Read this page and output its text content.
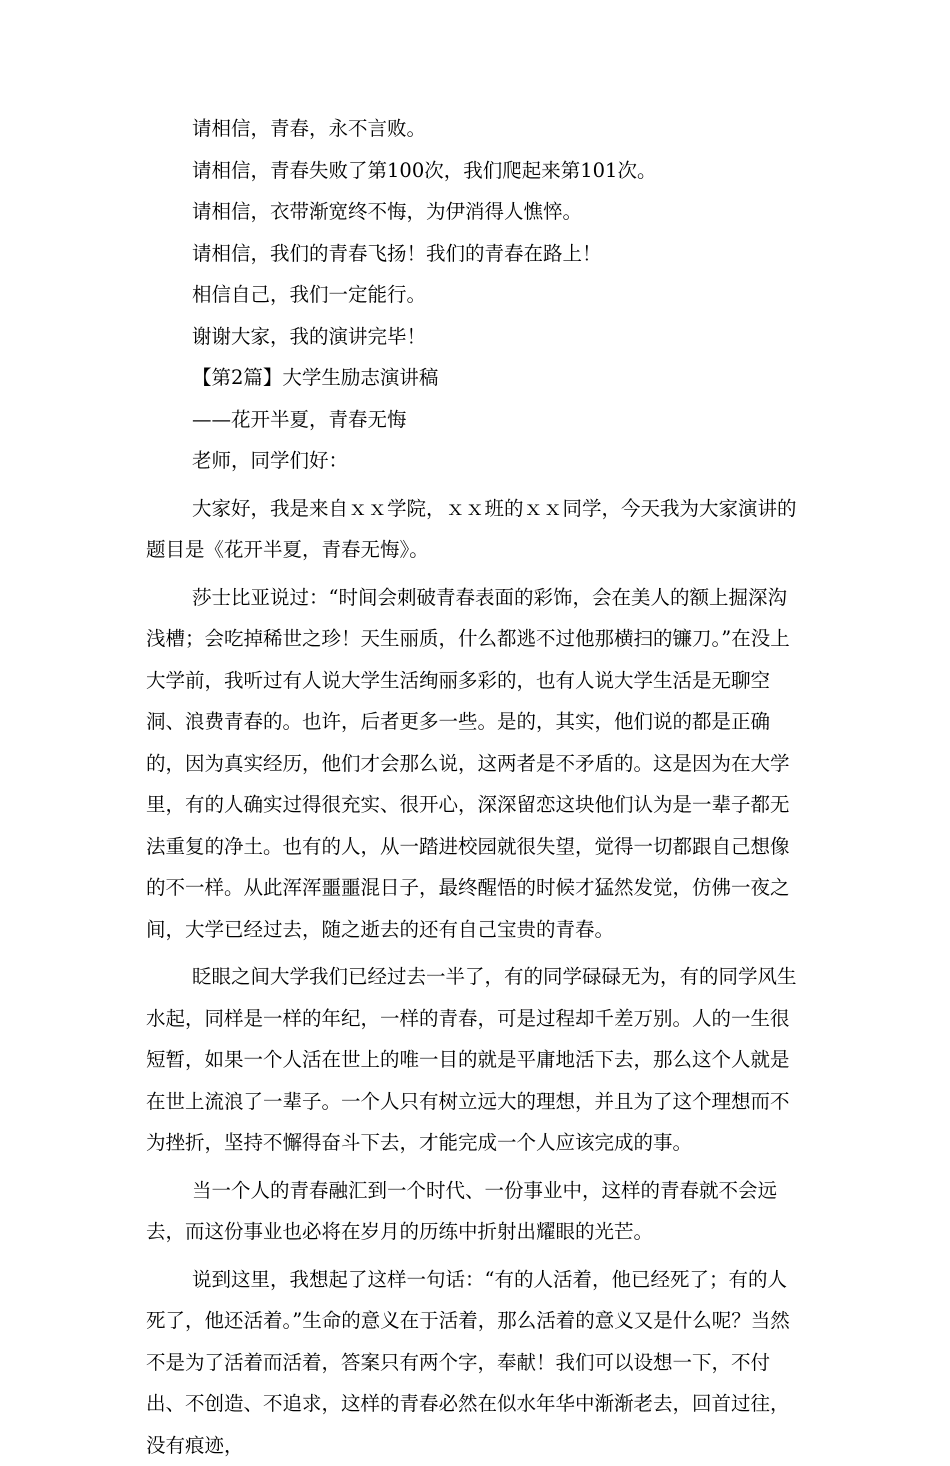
请相信，青春，永不言败。

请相信，青春失败了第100次，我们爬起来第101次。

请相信，衣带渐宽终不悔，为伊消得人憔悴。

请相信，我们的青春飞扬！我们的青春在路上！

相信自己，我们一定能行。

谢谢大家，我的演讲完毕！

【第2篇】大学生励志演讲稿

——花开半夏，青春无悔

老师，同学们好：

大家好，我是来自ｘｘ学院，ｘｘ班的ｘｘ同学，今天我为大家演讲的题目是《花开半夏，青春无悔》。

莎士比亚说过：“时间会刺破青春表面的彩饰，会在美人的额上掘深沟浅槽；会吃掉稀世之珍！天生丽质，什么都逃不过他那横扫的镰刀。”在没上大学前，我听过有人说大学生活绚丽多彩的，也有人说大学生活是无聊空洞、浪费青春的。也许，后者更多一些。是的，其实，他们说的都是正确的，因为真实经历，他们才会那么说，这两者是不矛盾的。这是因为在大学里，有的人确实过得很充实、很开心，深深留恋这块他们认为是一辈子都无法重复的净土。也有的人，从一踏进校园就很失望，觉得一切都跟自己想像的不一样。从此浑浑噩噩混日子，最终醒悟的时候才猛然发觉，仿佛一夜之间，大学已经过去，随之逝去的还有自己宝贵的青春。

眨眼之间大学我们已经过去一半了，有的同学碌碌无为，有的同学风生水起，同样是一样的年纪，一样的青春，可是过程却千差万别。人的一生很短暂，如果一个人活在世上的唯一目的就是平庸地活下去，那么这个人就是在世上流浪了一辈子。一个人只有树立远大的理想，并且为了这个理想而不为挫折，坚持不懈得奋斗下去，才能完成一个人应该完成的事。

当一个人的青春融汇到一个时代、一份事业中，这样的青春就不会远去，而这份事业也必将在岁月的历练中折射出耀眼的光芒。

说到这里，我想起了这样一句话：“有的人活着，他已经死了；有的人死了，他还活着。”生命的意义在于活着，那么活着的意义又是什么呢？当然不是为了活着而活着，答案只有两个字，奉献！我们可以设想一下，不付出、不创造、不追求，这样的青春必然在似水年华中渐渐老去，回首过往，没有痕迹，
